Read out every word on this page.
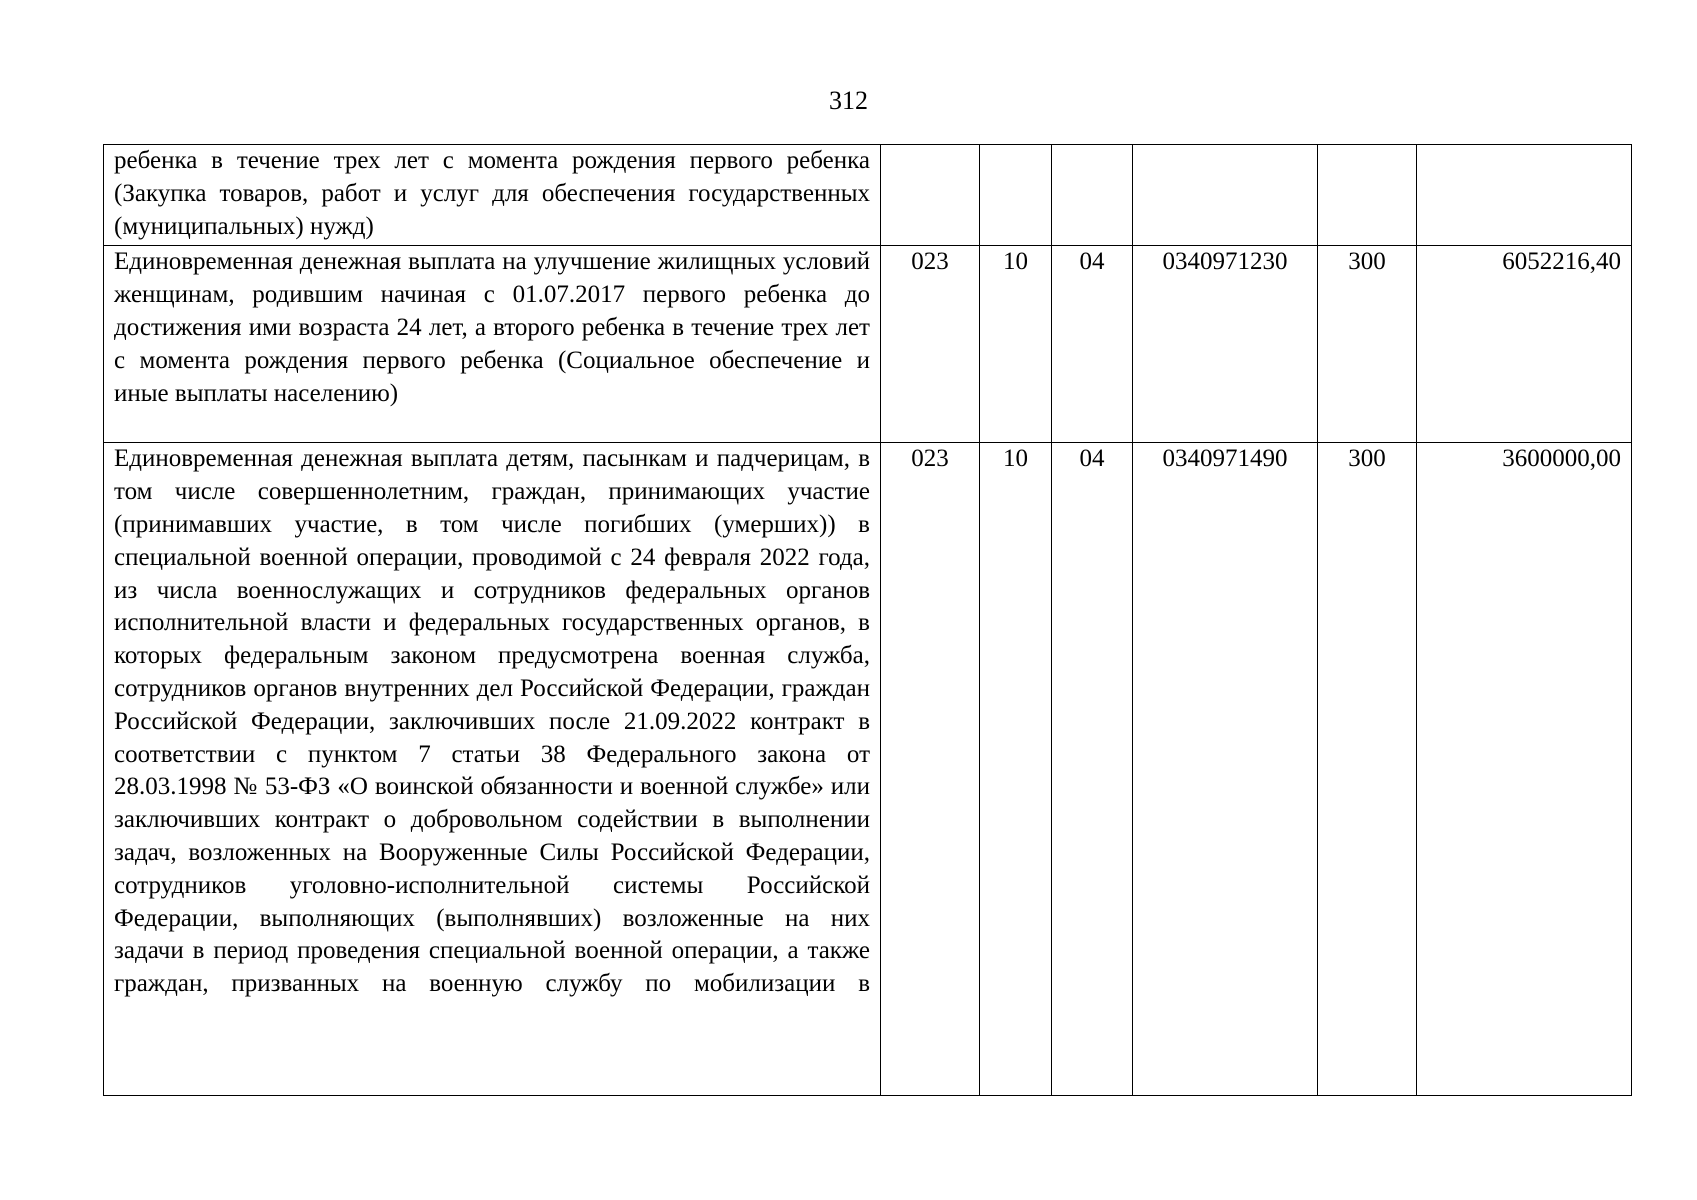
312
ребенка в течение трех лет с момента рождения первого ребенка (Закупка товаров, работ и услуг для обеспечения государственных (муниципальных) нужд)						
Единовременная денежная выплата на улучшение жилищных условий женщинам, родившим начиная с 01.07.2017 первого ребенка до достижения ими возраста 24 лет, а второго ребенка в течение трех лет с момента рождения первого ребенка (Социальное обеспечение и иные выплаты населению)	023	10	04	0340971230	300	6052216,40
Единовременная денежная выплата детям, пасынкам и падчерицам, в том числе совершеннолетним, граждан, принимающих участие (принимавших участие, в том числе погибших (умерших)) в специальной военной операции, проводимой с 24 февраля 2022 года, из числа военнослужащих и сотрудников федеральных органов исполнительной власти и федеральных государственных органов, в которых федеральным законом предусмотрена военная служба, сотрудников органов внутренних дел Российской Федерации, граждан Российской Федерации, заключивших после 21.09.2022 контракт в соответствии с пунктом 7 статьи 38 Федерального закона от 28.03.1998 № 53-ФЗ «О воинской обязанности и военной службе» или заключивших контракт о добровольном содействии в выполнении задач, возложенных на Вооруженные Силы Российской Федерации, сотрудников уголовно-исполнительной системы Российской Федерации, выполняющих (выполнявших) возложенные на них задачи в период проведения специальной военной операции, а также граждан, призванных на военную службу по мобилизации в	023	10	04	0340971490	300	3600000,00
